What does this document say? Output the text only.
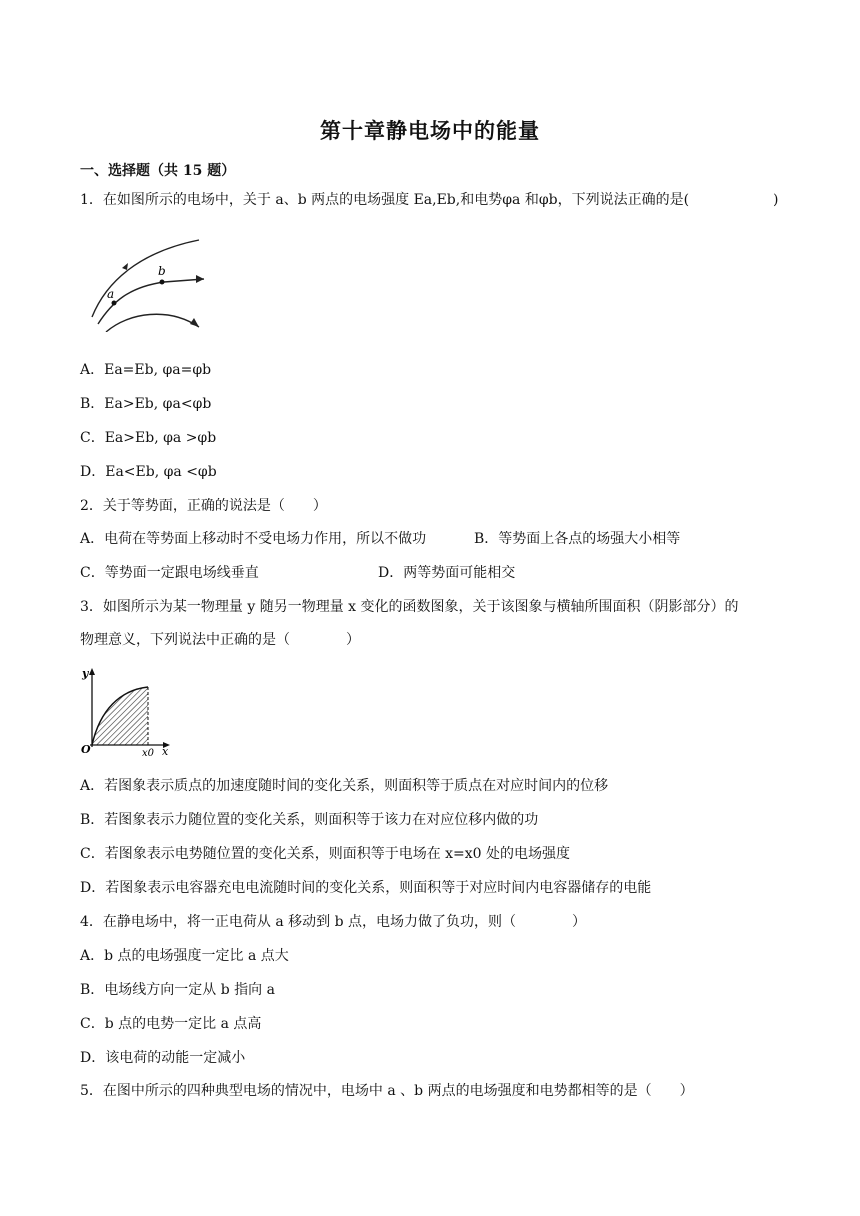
第十章静电场中的能量
一、选择题（共 15 题）
1．在如图所示的电场中，关于 a、b 两点的电场强度 Ea,Eb,和电势φa 和φb，下列说法正确的是(	)
a
b
A．Ea=Eb, φa=φb
B．Ea>Eb, φa<φb
C．Ea>Eb, φa >φb
D．Ea<Eb, φa <φb
2．关于等势面，正确的说法是（　　）
A．电荷在等势面上移动时不受电场力作用，所以不做功	B．等势面上各点的场强大小相等
C．等势面一定跟电场线垂直	D．两等势面可能相交
3．如图所示为某一物理量 y 随另一物理量 x 变化的函数图象，关于该图象与横轴所围面积（阴影部分）的
物理意义，下列说法中正确的是（　　　　）
y
O	x0 x
A．若图象表示质点的加速度随时间的变化关系，则面积等于质点在对应时间内的位移
B．若图象表示力随位置的变化关系，则面积等于该力在对应位移内做的功
C．若图象表示电势随位置的变化关系，则面积等于电场在 x=x0 处的电场强度
D．若图象表示电容器充电电流随时间的变化关系，则面积等于对应时间内电容器储存的电能
4．在静电场中，将一正电荷从 a 移动到 b 点，电场力做了负功，则（　　　　）
A．b 点的电场强度一定比 a 点大
B．电场线方向一定从 b 指向 a
C．b 点的电势一定比 a 点高
D．该电荷的动能一定减小
5．在图中所示的四种典型电场的情况中，电场中 a 、b 两点的电场强度和电势都相等的是（　　）
